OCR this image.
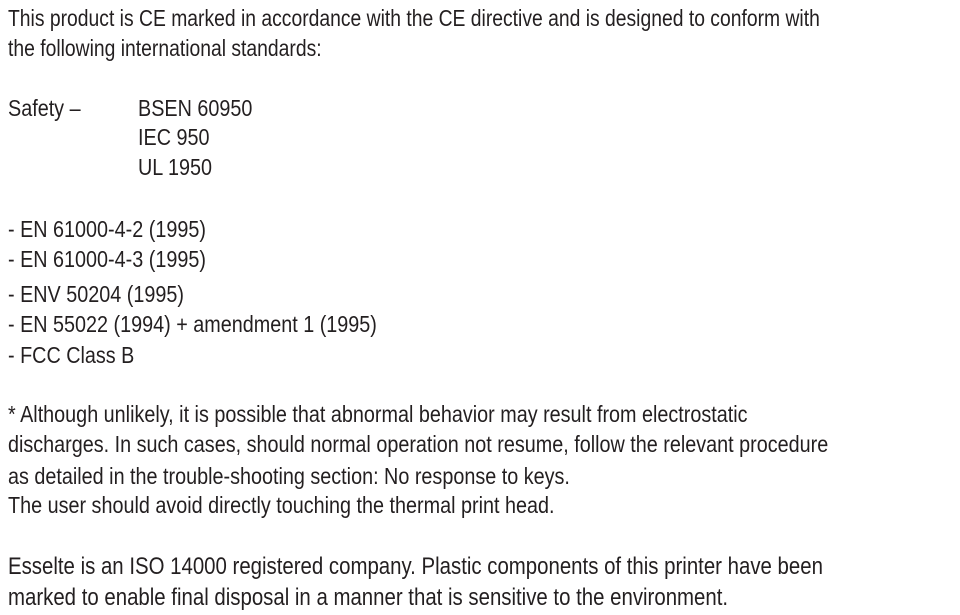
This product is CE marked in accordance with the CE directive and is designed to conform with
the following international standards:
Safety – BSEN 60950
IEC 950
UL 1950
- EN 61000-4-2 (1995)
- EN 61000-4-3 (1995)
- ENV 50204 (1995)
- EN 55022 (1994) + amendment 1 (1995)
- FCC Class B
* Although unlikely, it is possible that abnormal behavior may result from electrostatic
discharges. In such cases, should normal operation not resume, follow the relevant procedure
as detailed in the trouble-shooting section: No response to keys.
The user should avoid directly touching the thermal print head.
Esselte is an ISO 14000 registered company. Plastic components of this printer have been
marked to enable final disposal in a manner that is sensitive to the environment.
